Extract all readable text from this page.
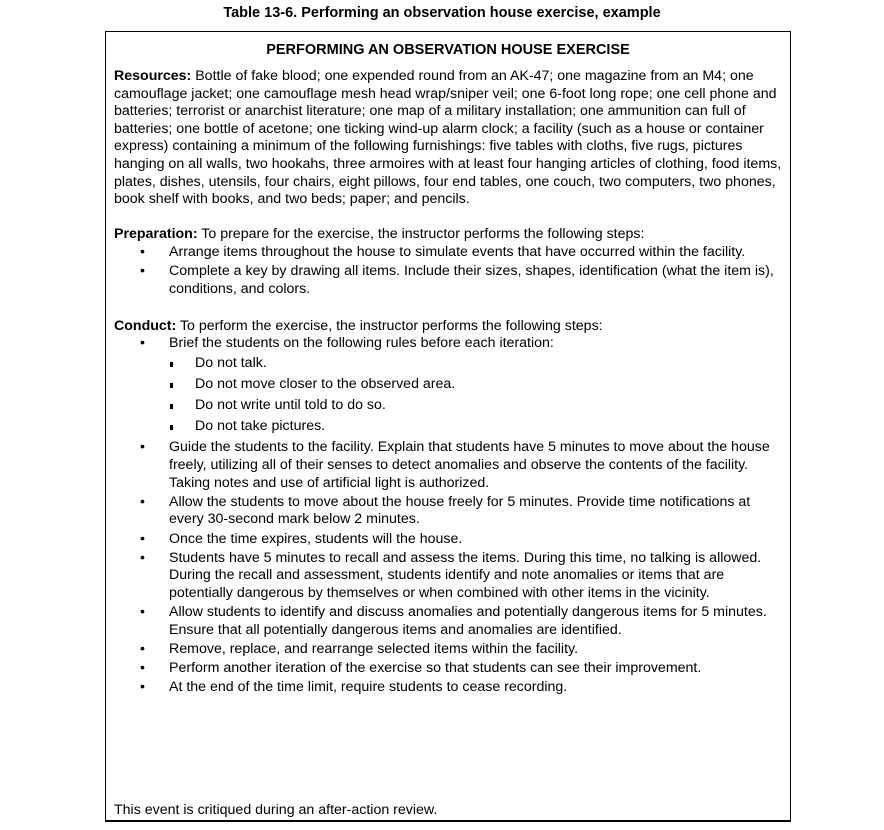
Table 13-6. Performing an observation house exercise, example
PERFORMING AN OBSERVATION HOUSE EXERCISE

Resources: Bottle of fake blood; one expended round from an AK-47; one magazine from an M4; one camouflage jacket; one camouflage mesh head wrap/sniper veil; one 6-foot long rope; one cell phone and batteries; terrorist or anarchist literature; one map of a military installation; one ammunition can full of batteries; one bottle of acetone; one ticking wind-up alarm clock; a facility (such as a house or container express) containing a minimum of the following furnishings: five tables with cloths, five rugs, pictures hanging on all walls, two hookahs, three armoires with at least four hanging articles of clothing, food items, plates, dishes, utensils, four chairs, eight pillows, four end tables, one couch, two computers, two phones, book shelf with books, and two beds; paper; and pencils.

Preparation: To prepare for the exercise, the instructor performs the following steps:

• Arrange items throughout the house to simulate events that have occurred within the facility.
• Complete a key by drawing all items. Include their sizes, shapes, identification (what the item is), conditions, and colors.

Conduct: To perform the exercise, the instructor performs the following steps:

• Brief the students on the following rules before each iteration:
Do not talk.
Do not move closer to the observed area.
Do not write until told to do so.
Do not take pictures.
• Guide the students to the facility. Explain that students have 5 minutes to move about the house freely, utilizing all of their senses to detect anomalies and observe the contents of the facility. Taking notes and use of artificial light is authorized.
• Allow the students to move about the house freely for 5 minutes. Provide time notifications at every 30-second mark below 2 minutes.
• Once the time expires, students will the house.
• Students have 5 minutes to recall and assess the items. During this time, no talking is allowed. During the recall and assessment, students identify and note anomalies or items that are potentially dangerous by themselves or when combined with other items in the vicinity.
• Allow students to identify and discuss anomalies and potentially dangerous items for 5 minutes. Ensure that all potentially dangerous items and anomalies are identified.
• Remove, replace, and rearrange selected items within the facility.
• Perform another iteration of the exercise so that students can see their improvement.
• At the end of the time limit, require students to cease recording.
This event is critiqued during an after-action review.
